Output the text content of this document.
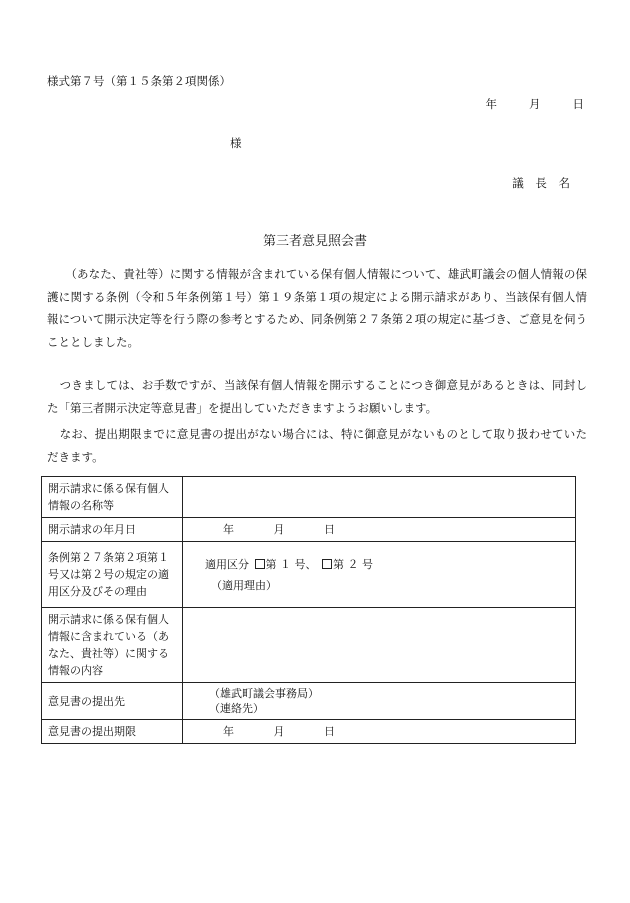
様式第７号（第１５条第２項関係）
年	月	日
様
議 長 名
第三者意見照会書
（あなた、貴社等）に関する情報が含まれている保有個人情報について、雄武町議会の個人情報の保護に関する条例（令和５年条例第１号）第１９条第１項の規定による開示請求があり、当該保有個人情報について開示決定等を行う際の参考とするため、同条例第２７条第２項の規定に基づき、ご意見を伺うこととしました。
つきましては、お手数ですが、当該保有個人情報を開示することにつき御意見があるときは、同封した「第三者開示決定等意見書」を提出していただきますようお願いします。
なお、提出期限までに意見書の提出がない場合には、特に御意見がないものとして取り扱わせていただきます。
開示請求に係る保有個人情報の名称等	
開示請求の年月日	年 月 日
条例第２７条第２項第１号又は第２号の規定の適用区分及びその理由	適用区分 第 １ 号、 第 ２ 号
（適用理由）

開示請求に係る保有個人情報に含まれている（あなた、貴社等）に関する情報の内容	
意見書の提出先	（雄武町議会事務局）
（連絡先）

意見書の提出期限	年 月 日
